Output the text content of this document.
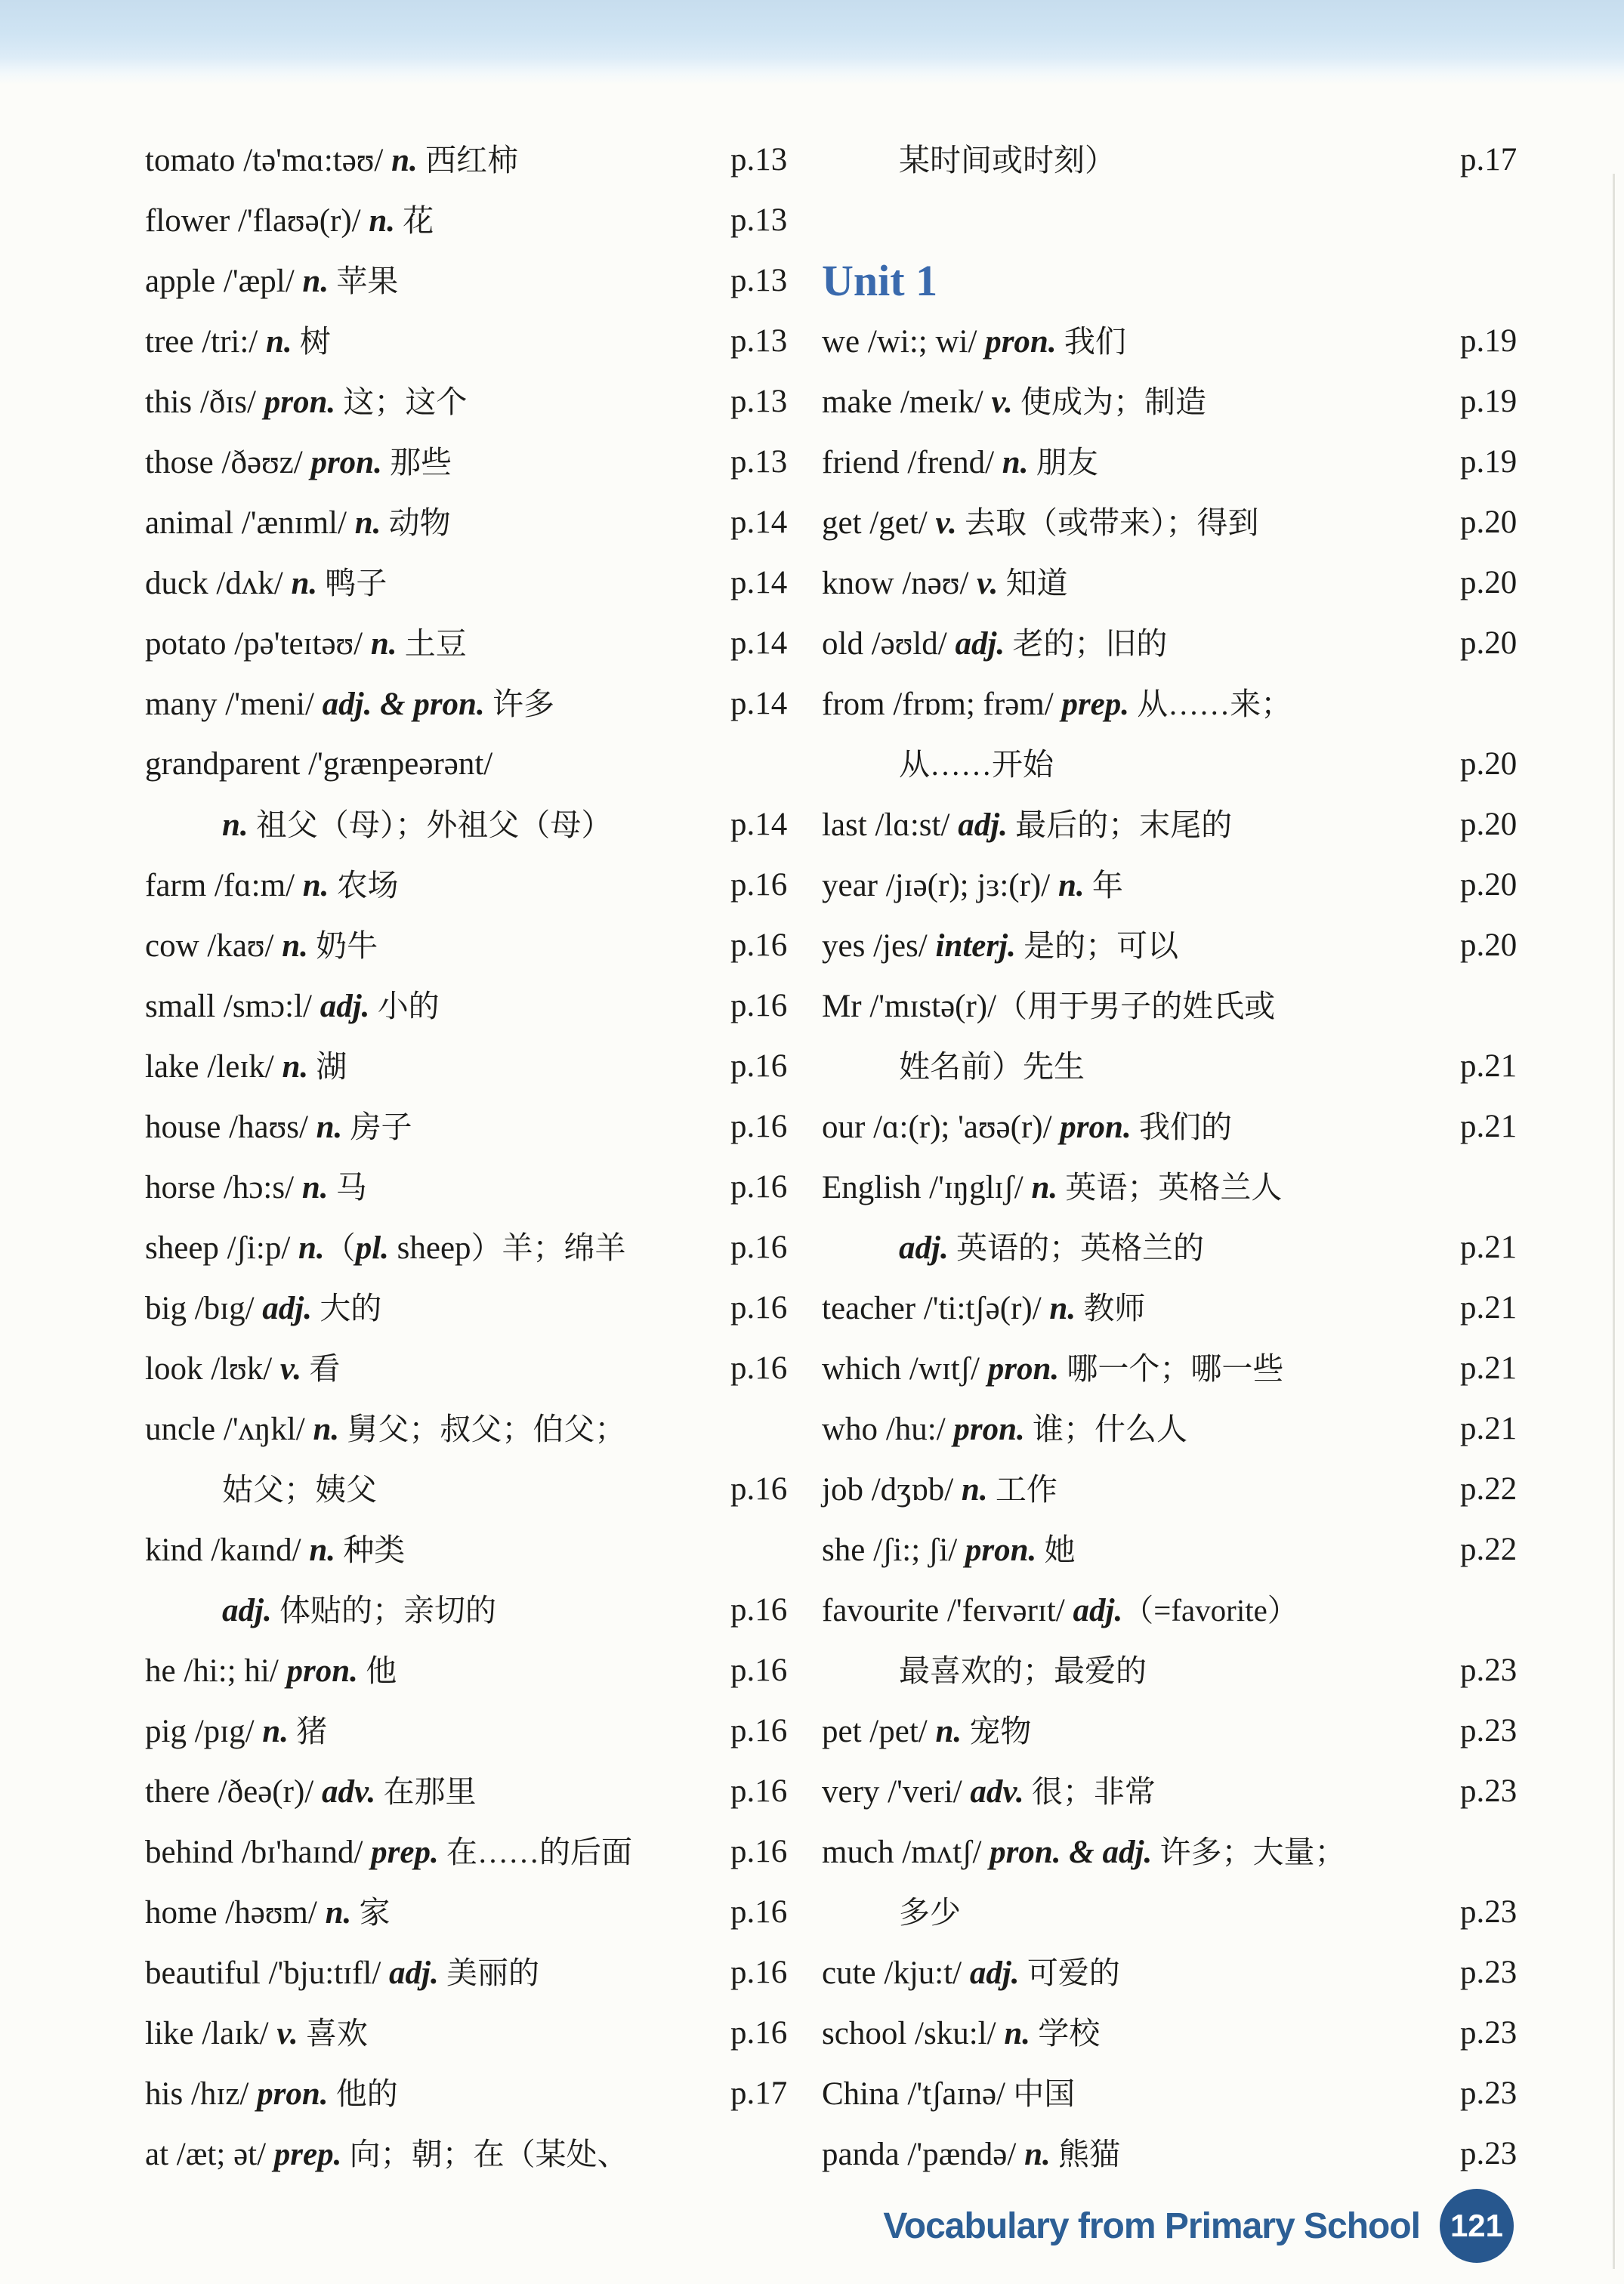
tomato /tə'mɑ:təʊ/ n. 西红柿	p.13
flower /'flaʊə(r)/ n. 花	p.13
apple /'æpl/ n. 苹果	p.13
tree /tri:/ n. 树	p.13
this /ðɪs/ pron. 这；这个	p.13
those /ðəʊz/ pron. 那些	p.13
animal /'ænɪml/ n. 动物	p.14
duck /dʌk/ n. 鸭子	p.14
potato /pə'teɪtəʊ/ n. 土豆	p.14
many /'meni/ adj. & pron. 许多	p.14
grandparent /'grænpeərənt/
n. 祖父（母）；外祖父（母）	p.14
farm /fɑ:m/ n. 农场	p.16
cow /kaʊ/ n. 奶牛	p.16
small /smɔ:l/ adj. 小的	p.16
lake /leɪk/ n. 湖	p.16
house /haʊs/ n. 房子	p.16
horse /hɔ:s/ n. 马	p.16
sheep /ʃi:p/ n.（pl. sheep）羊；绵羊	p.16
big /bɪg/ adj. 大的	p.16
look /lʊk/ v. 看	p.16
uncle /'ʌŋkl/ n. 舅父；叔父；伯父；
姑父；姨父	p.16
kind /kaɪnd/ n. 种类
adj. 体贴的；亲切的	p.16
he /hi:; hi/ pron. 他	p.16
pig /pɪg/ n. 猪	p.16
there /ðeə(r)/ adv. 在那里	p.16
behind /bɪ'haɪnd/ prep. 在……的后面	p.16
home /həʊm/ n. 家	p.16
beautiful /'bju:tɪfl/ adj. 美丽的	p.16
like /laɪk/ v. 喜欢	p.16
his /hɪz/ pron. 他的	p.17
at /æt; ət/ prep. 向；朝；在（某处、
某时间或时刻）	p.17
Unit 1
we /wi:; wi/ pron. 我们	p.19
make /meɪk/ v. 使成为；制造	p.19
friend /frend/ n. 朋友	p.19
get /get/ v. 去取（或带来）；得到	p.20
know /nəʊ/ v. 知道	p.20
old /əʊld/ adj. 老的；旧的	p.20
from /frɒm; frəm/ prep. 从……来；
从……开始	p.20
last /lɑ:st/ adj. 最后的；末尾的	p.20
year /jɪə(r); jɜ:(r)/ n. 年	p.20
yes /jes/ interj. 是的；可以	p.20
Mr /'mɪstə(r)/（用于男子的姓氏或
姓名前）先生	p.21
our /ɑ:(r); 'aʊə(r)/ pron. 我们的	p.21
English /'ɪŋglɪʃ/ n. 英语；英格兰人
adj. 英语的；英格兰的	p.21
teacher /'ti:tʃə(r)/ n. 教师	p.21
which /wɪtʃ/ pron. 哪一个；哪一些	p.21
who /hu:/ pron. 谁；什么人	p.21
job /dʒɒb/ n. 工作	p.22
she /ʃi:; ʃi/ pron. 她	p.22
favourite /'feɪvərɪt/ adj.（=favorite）
最喜欢的；最爱的	p.23
pet /pet/ n. 宠物	p.23
very /'veri/ adv. 很；非常	p.23
much /mʌtʃ/ pron. & adj. 许多；大量；
多少	p.23
cute /kju:t/ adj. 可爱的	p.23
school /sku:l/ n. 学校	p.23
China /'tʃaɪnə/ 中国	p.23
panda /'pændə/ n. 熊猫	p.23
Vocabulary from Primary School 121
